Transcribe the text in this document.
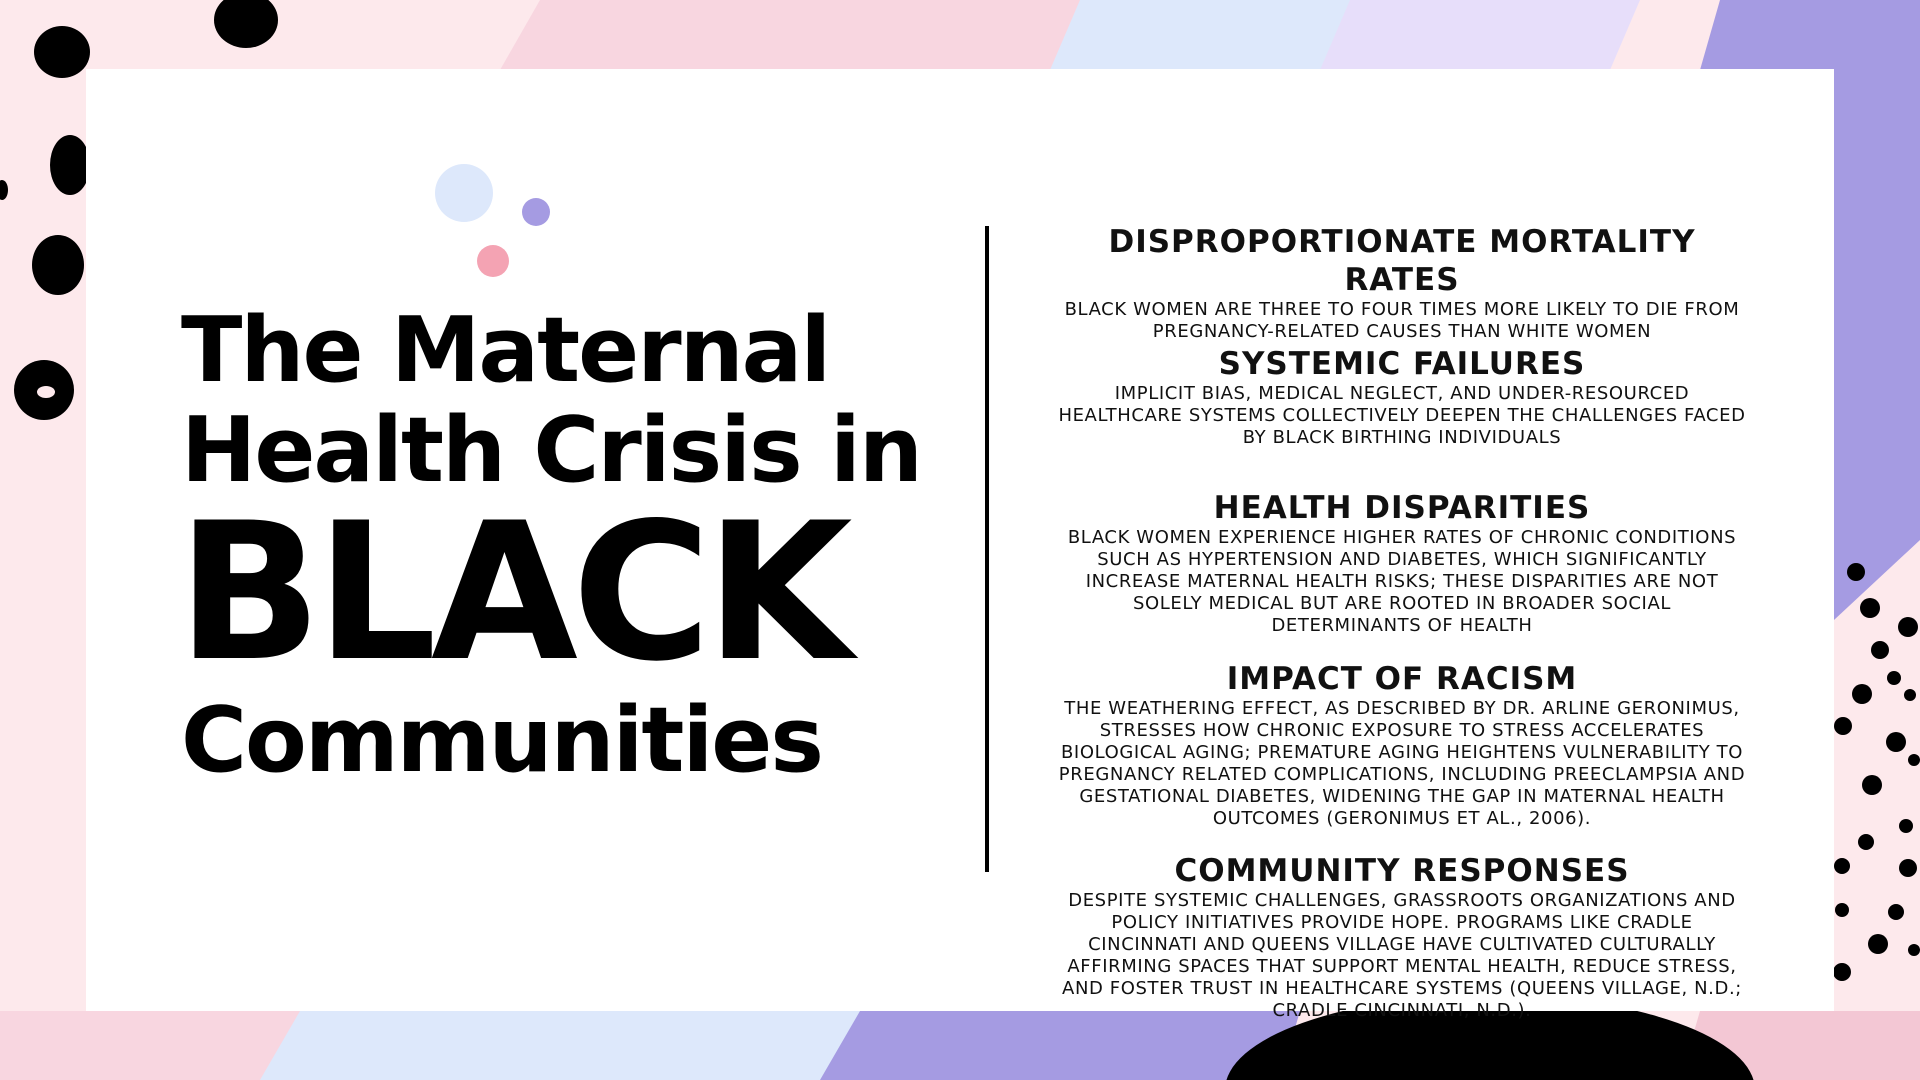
The Maternal
Health Crisis in
BLACK
Communities
DISPROPORTIONATE MORTALITY RATES

BLACK WOMEN ARE THREE TO FOUR TIMES MORE LIKELY TO DIE FROM PREGNANCY-RELATED CAUSES THAN WHITE WOMEN

SYSTEMIC FAILURES

IMPLICIT BIAS, MEDICAL NEGLECT, AND UNDER-RESOURCED HEALTHCARE SYSTEMS COLLECTIVELY DEEPEN THE CHALLENGES FACED BY BLACK BIRTHING INDIVIDUALS

HEALTH DISPARITIES

BLACK WOMEN EXPERIENCE HIGHER RATES OF CHRONIC CONDITIONS SUCH AS HYPERTENSION AND DIABETES, WHICH SIGNIFICANTLY INCREASE MATERNAL HEALTH RISKS; THESE DISPARITIES ARE NOT SOLELY MEDICAL BUT ARE ROOTED IN BROADER SOCIAL DETERMINANTS OF HEALTH

IMPACT OF RACISM

THE WEATHERING EFFECT, AS DESCRIBED BY DR. ARLINE GERONIMUS, STRESSES HOW CHRONIC EXPOSURE TO STRESS ACCELERATES BIOLOGICAL AGING; PREMATURE AGING HEIGHTENS VULNERABILITY TO PREGNANCY RELATED COMPLICATIONS, INCLUDING PREECLAMPSIA AND GESTATIONAL DIABETES, WIDENING THE GAP IN MATERNAL HEALTH OUTCOMES (GERONIMUS ET AL., 2006).

COMMUNITY RESPONSES

DESPITE SYSTEMIC CHALLENGES, GRASSROOTS ORGANIZATIONS AND POLICY INITIATIVES PROVIDE HOPE. PROGRAMS LIKE CRADLE CINCINNATI AND QUEENS VILLAGE HAVE CULTIVATED CULTURALLY AFFIRMING SPACES THAT SUPPORT MENTAL HEALTH, REDUCE STRESS, AND FOSTER TRUST IN HEALTHCARE SYSTEMS (QUEENS VILLAGE, N.D.; CRADLE CINCINNATI, N.D.).
